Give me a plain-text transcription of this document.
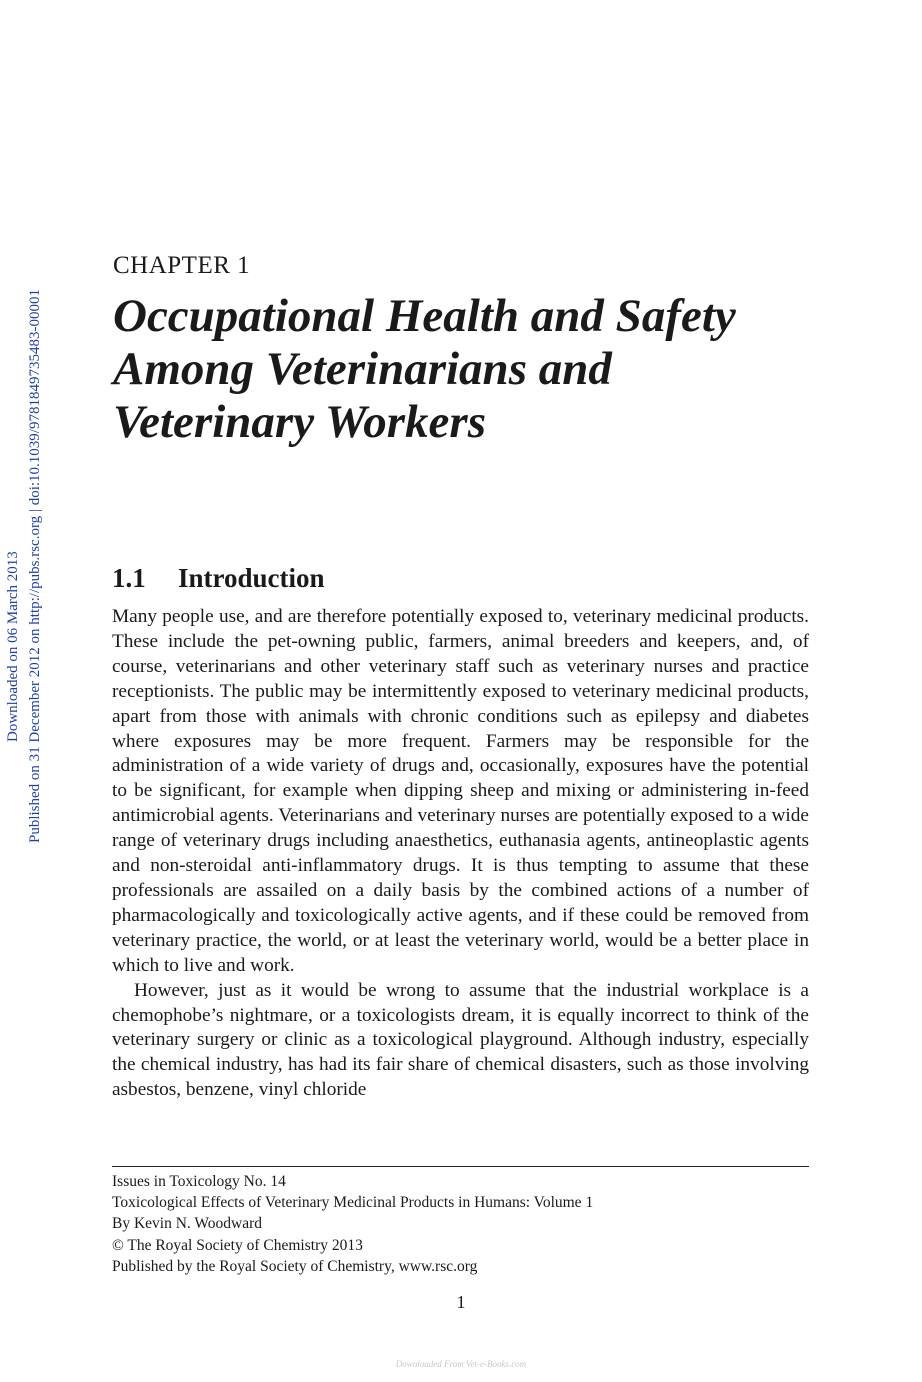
Downloaded on 06 March 2013 Published on 31 December 2012 on http://pubs.rsc.org | doi:10.1039/9781849735483-00001
CHAPTER 1
Occupational Health and Safety
Among Veterinarians and
Veterinary Workers
1.1 Introduction

Many people use, and are therefore potentially exposed to, veterinary medicinal products. These include the pet-owning public, farmers, animal breeders and keepers, and, of course, veterinarians and other veterinary staff such as veterinary nurses and practice receptionists. The public may be intermittently exposed to veterinary medicinal products, apart from those with animals with chronic conditions such as epilepsy and diabetes where exposures may be more frequent. Farmers may be responsible for the administration of a wide variety of drugs and, occasionally, exposures have the potential to be significant, for example when dipping sheep and mixing or administering in-feed antimicrobial agents. Veterinarians and veterinary nurses are potentially exposed to a wide range of veterinary drugs including anaesthetics, euthanasia agents, antineoplastic agents and non-steroidal anti-inflammatory drugs. It is thus tempting to assume that these professionals are assailed on a daily basis by the combined actions of a number of pharmacologically and toxicologically active agents, and if these could be removed from veterinary practice, the world, or at least the veterinary world, would be a better place in which to live and work.

However, just as it would be wrong to assume that the industrial workplace is a chemophobe’s nightmare, or a toxicologists dream, it is equally incorrect to think of the veterinary surgery or clinic as a toxicological playground. Although industry, especially the chemical industry, has had its fair share of chemical disasters, such as those involving asbestos, benzene, vinyl chloride

Issues in Toxicology No. 14
Toxicological Effects of Veterinary Medicinal Products in Humans: Volume 1
By Kevin N. Woodward
© The Royal Society of Chemistry 2013
Published by the Royal Society of Chemistry, www.rsc.org
1
Downloaded From Vet-e-Books.com
